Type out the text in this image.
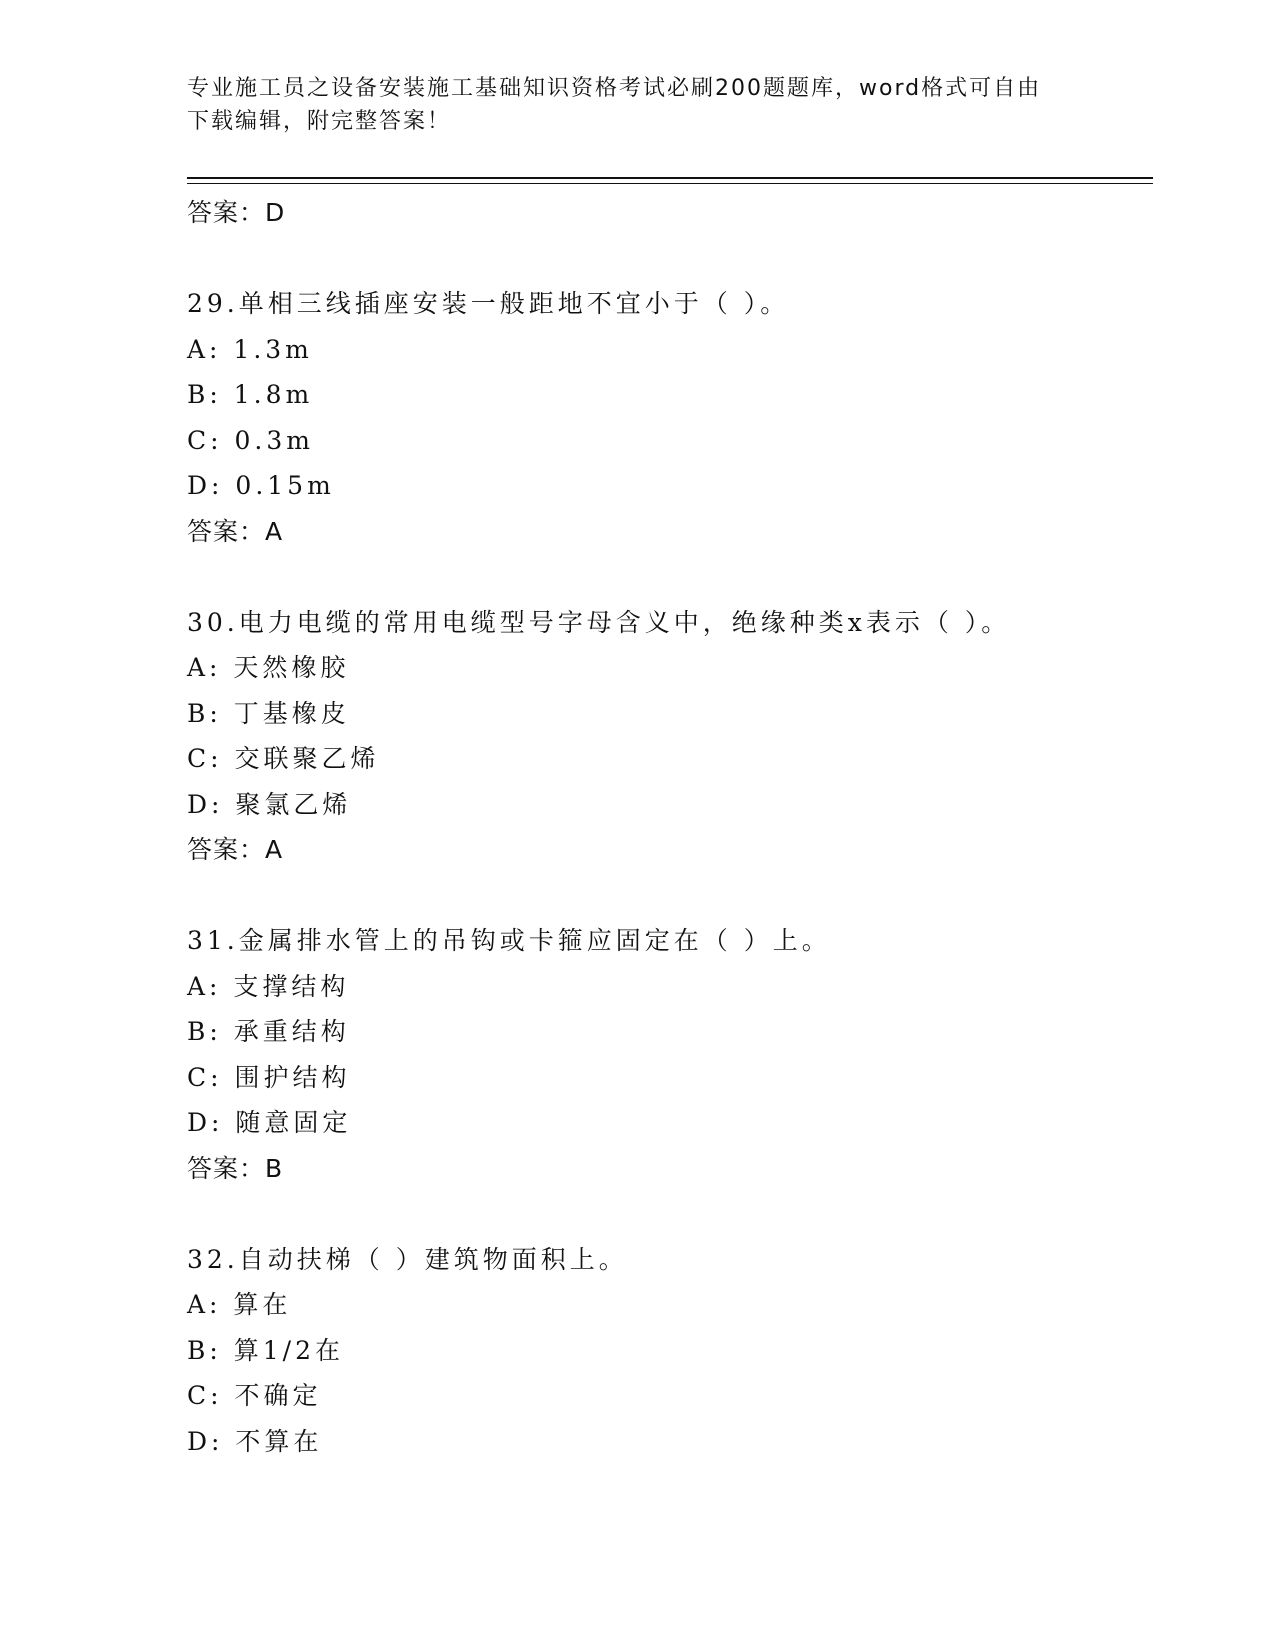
专业施工员之设备安装施工基础知识资格考试必刷200题题库，word格式可自由
下载编辑，附完整答案！
答案：D
29.单相三线插座安装一般距地不宜小于（ ）。
A: 1.3m
B: 1.8m
C: 0.3m
D: 0.15m
答案：A
30.电力电缆的常用电缆型号字母含义中，绝缘种类x表示（ ）。
A: 天然橡胶
B: 丁基橡皮
C: 交联聚乙烯
D: 聚氯乙烯
答案：A
31.金属排水管上的吊钩或卡箍应固定在（ ）上。
A: 支撑结构
B: 承重结构
C: 围护结构
D: 随意固定
答案：B
32.自动扶梯（ ）建筑物面积上。
A: 算在
B: 算1/2在
C: 不确定
D: 不算在
